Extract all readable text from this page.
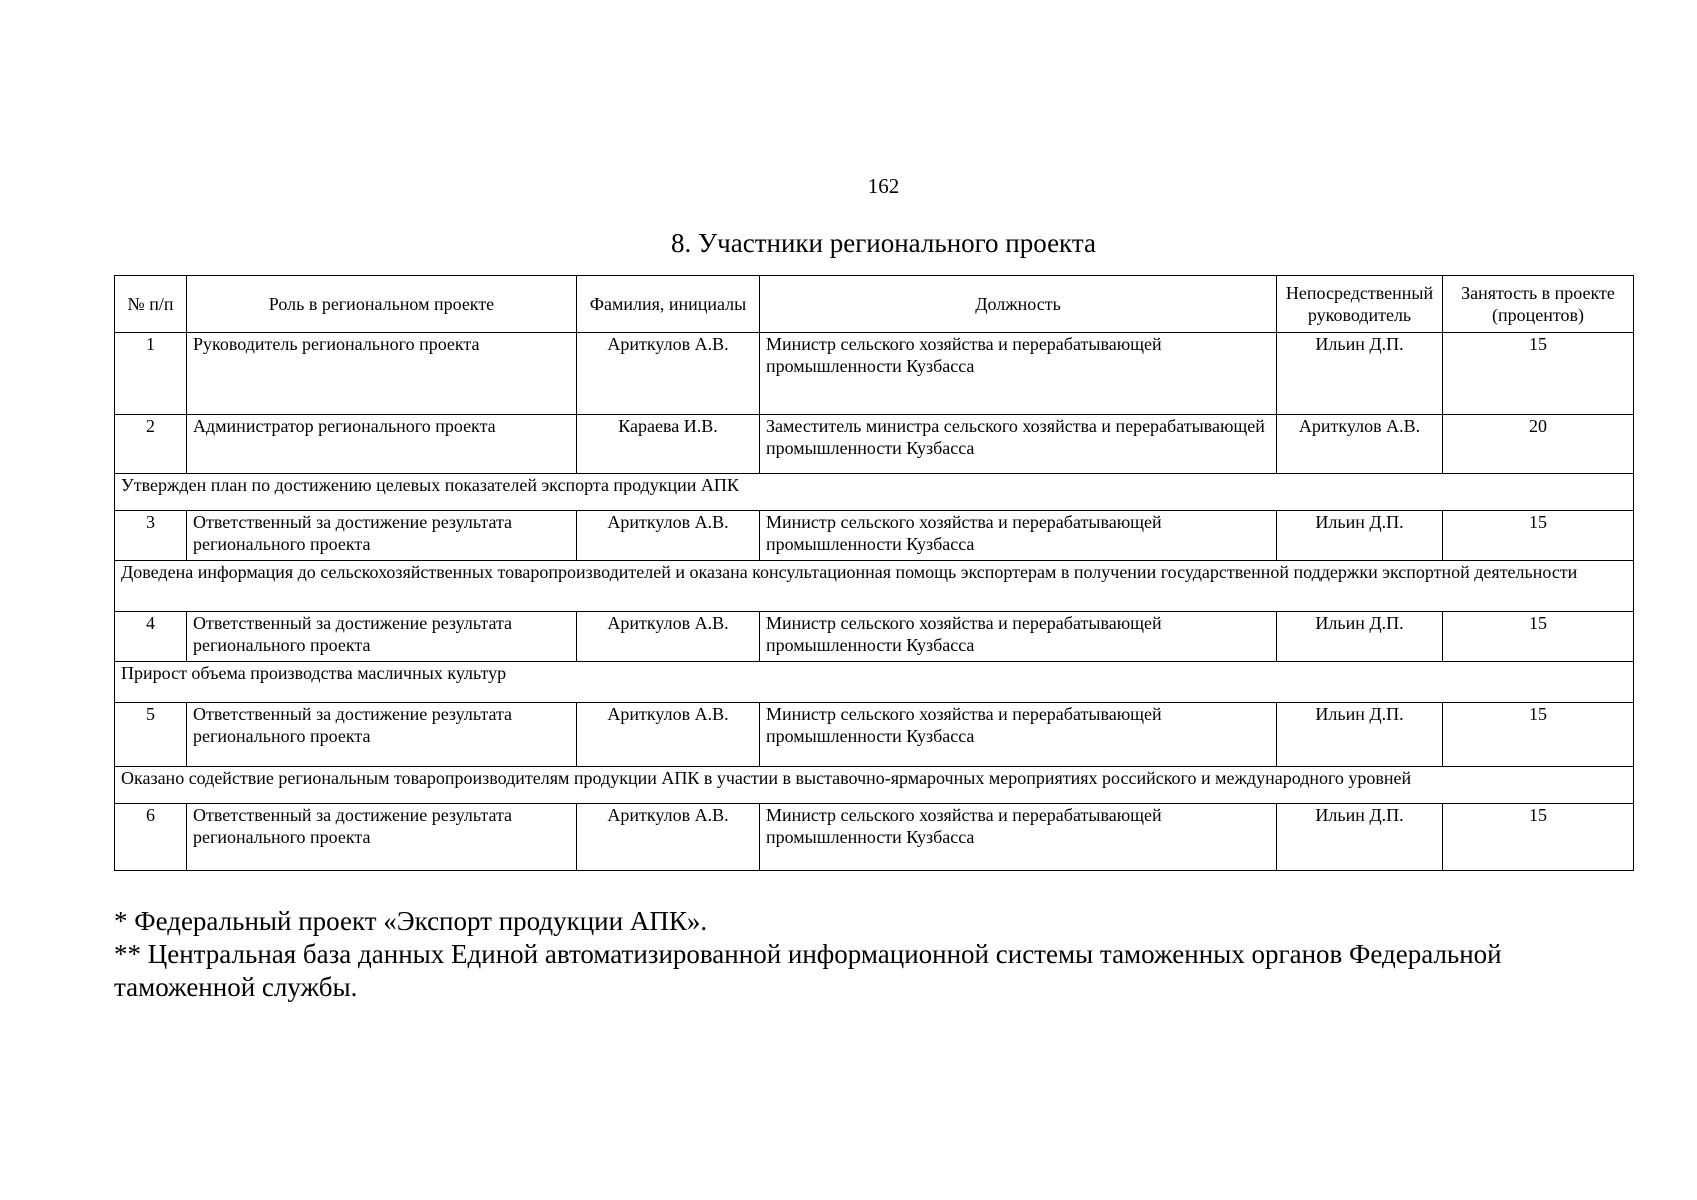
162
8. Участники регионального проекта
№ п/п	Роль в региональном проекте	Фамилия, инициалы	Должность	Непосредственный руководитель	Занятость в проекте (процентов)
1	Руководитель регионального проекта	Ариткулов А.В.	Министр сельского хозяйства и перерабатывающей промышленности Кузбасса	Ильин Д.П.	15
2	Администратор регионального проекта	Караева И.В.	Заместитель министра сельского хозяйства и перерабатывающей промышленности Кузбасса	Ариткулов А.В.	20
Утвержден план по достижению целевых показателей экспорта продукции АПК					
3	Ответственный за достижение результата регионального проекта	Ариткулов А.В.	Министр сельского хозяйства и перерабатывающей промышленности Кузбасса	Ильин Д.П.	15
Доведена информация до сельскохозяйственных товаропроизводителей и оказана консультационная помощь экспортерам в получении государственной поддержки экспортной деятельности					
4	Ответственный за достижение результата регионального проекта	Ариткулов А.В.	Министр сельского хозяйства и перерабатывающей промышленности Кузбасса	Ильин Д.П.	15
Прирост объема производства масличных культур					
5	Ответственный за достижение результата регионального проекта	Ариткулов А.В.	Министр сельского хозяйства и перерабатывающей промышленности Кузбасса	Ильин Д.П.	15
Оказано содействие региональным товаропроизводителям продукции АПК в участии в выставочно-ярмарочных мероприятиях российского и международного уровней					
6	Ответственный за достижение результата регионального проекта	Ариткулов А.В.	Министр сельского хозяйства и перерабатывающей промышленности Кузбасса	Ильин Д.П.	15

* Федеральный проект «Экспорт продукции АПК».

** Центральная база данных Единой автоматизированной информационной системы таможенных органов Федеральной таможенной службы.
